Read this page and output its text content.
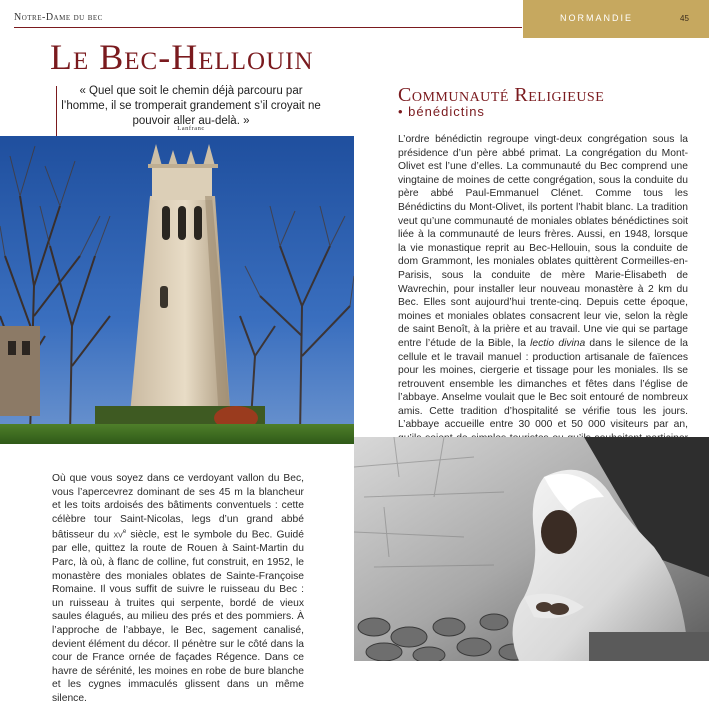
Notre-Dame du bec	NORMANDIE	45
Le Bec-Hellouin
« Quel que soit le chemin déjà parcouru par l’homme, il se tromperait grandement s’il croyait ne pouvoir aller au-delà. »
Lanfranc
Communauté Religieuse
• bénédictins
L’ordre bénédictin regroupe vingt-deux congrégation sous la présidence d’un père abbé primat. La congrégation du Mont-Olivet est l’une d’elles. La communauté du Bec comprend une vingtaine de moines de cette congrégation, sous la conduite du père abbé Paul-Emmanuel Clénet. Comme tous les Bénédictins du Mont-Olivet, ils portent l’habit blanc. La tradition veut qu’une communauté de moniales oblates bénédictines soit liée à la communauté de leurs frères. Aussi, en 1948, lorsque la vie monastique reprit au Bec-Hellouin, sous la conduite de dom Grammont, les moniales oblates quittèrent Cormeilles-en-Parisis, sous la conduite de mère Marie-Élisabeth de Wavrechin, pour installer leur nouveau monastère à 2 km du Bec. Elles sont aujourd’hui trente-cinq. Depuis cette époque, moines et moniales oblates consacrent leur vie, selon la règle de saint Benoît, à la prière et au travail. Une vie qui se partage entre l’étude de la Bible, la lectio divina dans le silence de la cellule et le travail manuel : production artisanale de faïences pour les moines, ciergerie et tissage pour les moniales. Ils se retrouvent ensemble les dimanches et fêtes dans l’église de l’abbaye. Anselme voulait que le Bec soit entouré de nombreux amis. Cette tradition d’hospitalité se vérifie tous les jours. L’abbaye accueille entre 30 000 et 50 000 visiteurs par an,
Où que vous soyez dans ce verdoyant vallon du Bec, vous l’apercevrez dominant de ses 45 m la blancheur et les toits ardoisés des bâtiments conventuels : cette célèbre tour Saint-Nicolas, legs d’un grand abbé bâtisseur du $xv^e$ siècle, est le symbole du Bec. Guidé par elle, quittez la route de Rouen à Saint-Martin du Parc, là où, à flanc de colline, fut construit, en 1952, le monastère des moniales oblates de Sainte-Françoise Romaine. Il vous suffit de suivre le ruisseau du Bec : un ruisseau à truites qui serpente, bordé de vieux saules élagués, au milieu des prés et des pommiers. À l’approche de l’abbaye, le Bec, sagement canalisé, devient élément du décor. Il pénètre sur le côté dans la cour de France ornée de façades Régence. Dans ce havre de sérénité, les moines en robe de bure blanche et les cygnes immaculés glissent dans un même silence.
